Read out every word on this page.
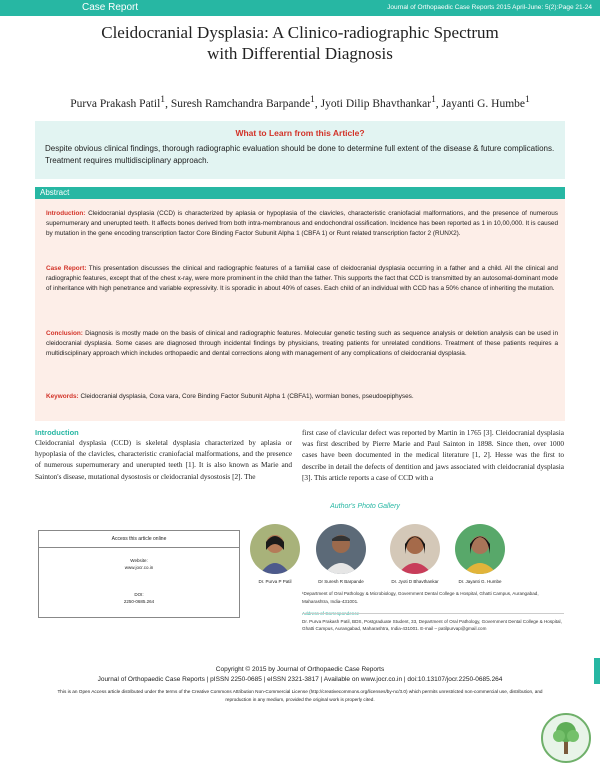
Case Report	Journal of Orthopaedic Case Reports 2015 April-June: 5(2):Page 21-24
Cleidocranial Dysplasia: A Clinico-radiographic Spectrum
with Differential Diagnosis
Purva Prakash Patil$^1$, Suresh Ramchandra Barpande$^1$, Jyoti Dilip Bhavthankar$^1$, Jayanti G. Humbe$^1$
What to Learn from this Article?
Despite obvious clinical findings, thorough radiographic evaluation should be done to determine full extent of the disease & future complications. Treatment requires multidisciplinary approach.
Abstract
Introduction: Cleidocranial dysplasia (CCD) is characterized by aplasia or hypoplasia of the clavicles, characteristic craniofacial malformations, and the presence of numerous supernumerary and unerupted teeth. It affects bones derived from both intra-membranous and endochondral ossification. Incidence has been reported as 1 in 10,00,000. It is caused by mutation in the gene encoding transcription factor Core Binding Factor Subunit Alpha 1 (CBFA 1) or Runt related transcription factor 2 (RUNX2).
Case Report: This presentation discusses the clinical and radiographic features of a familial case of cleidocranial dysplasia occurring in a father and a child. All the clinical and radiographic features, except that of the chest x-ray, were more prominent in the child than the father. This supports the fact that CCD is transmitted by an autosomal-dominant mode of inheritance with high penetrance and variable expressivity. It is sporadic in about 40% of cases. Each child of an individual with CCD has a 50% chance of inheriting the mutation.
Conclusion: Diagnosis is mostly made on the basis of clinical and radiographic features. Molecular genetic testing such as sequence analysis or deletion analysis can be used in cleidocranial dysplasia. Some cases are diagnosed through incidental findings by physicians, treating patients for unrelated conditions. Treatment of these patients requires a multidisciplinary approach which includes orthopaedic and dental corrections along with management of any complications of cleidocranial dysplasia.
Keywords: Cleidocranial dysplasia, Coxa vara, Core Binding Factor Subunit Alpha 1 (CBFA1), wormian bones, pseudoepiphyses.
Introduction
Cleidocranial dysplasia (CCD) is skeletal dysplasia characterized by aplasia or hypoplasia of the clavicles, characteristic craniofacial malformations, and the presence of numerous supernumerary and unerupted teeth [1]. It is also known as Marie and Sainton's disease, mutational dysostosis or cleidocranial dysostosis [2]. The
first case of clavicular defect was reported by Martin in 1765 [3]. Cleidocranial dysplasia was first described by Pierre Marie and Paul Sainton in 1898. Since then, over 1000 cases have been documented in the medical literature [1, 2]. Hesse was the first to describe in detail the defects of dentition and jaws associated with cleidocranial dysplasia [3]. This article reports a case of CCD with a
Access this article online
Website:
www.jocr.co.in
DOI:
2250-0685.264
Author's Photo Gallery
Dr. Purva P Patil	Dr Suresh R Barpande	Dr. Jyoti D Bhavthankar	Dr. Jayanti G. Humbe
¹Department of Oral Pathology & Microbiology, Government Dental College & Hospital, Ghatti Campus, Aurangabad, Maharashtra, India-431001.
Address of Correspondence
Dr. Purva Prakash Patil, BDS, Postgraduate Student, 33, Department of Oral Pathology, Government Dental College & Hospital, Ghatti Campus, Aurangabad, Maharashtra, India-431001. E-mail – patilpurvap@gmail.com
Copyright © 2015 by Journal of Orthopaedic Case Reports
Journal of Orthopaedic Case Reports | pISSN 2250-0685 | eISSN 2321-3817 | Available on www.jocr.co.in | doi:10.13107/jocr.2250-0685.264
This is an Open Access article distributed under the terms of the Creative Commons Attribution Non-Commercial License (http://creativecommons.org/licenses/by-nc/3.0) which permits unrestricted non-commercial use, distribution, and reproduction in any medium, provided the original work is properly cited.
